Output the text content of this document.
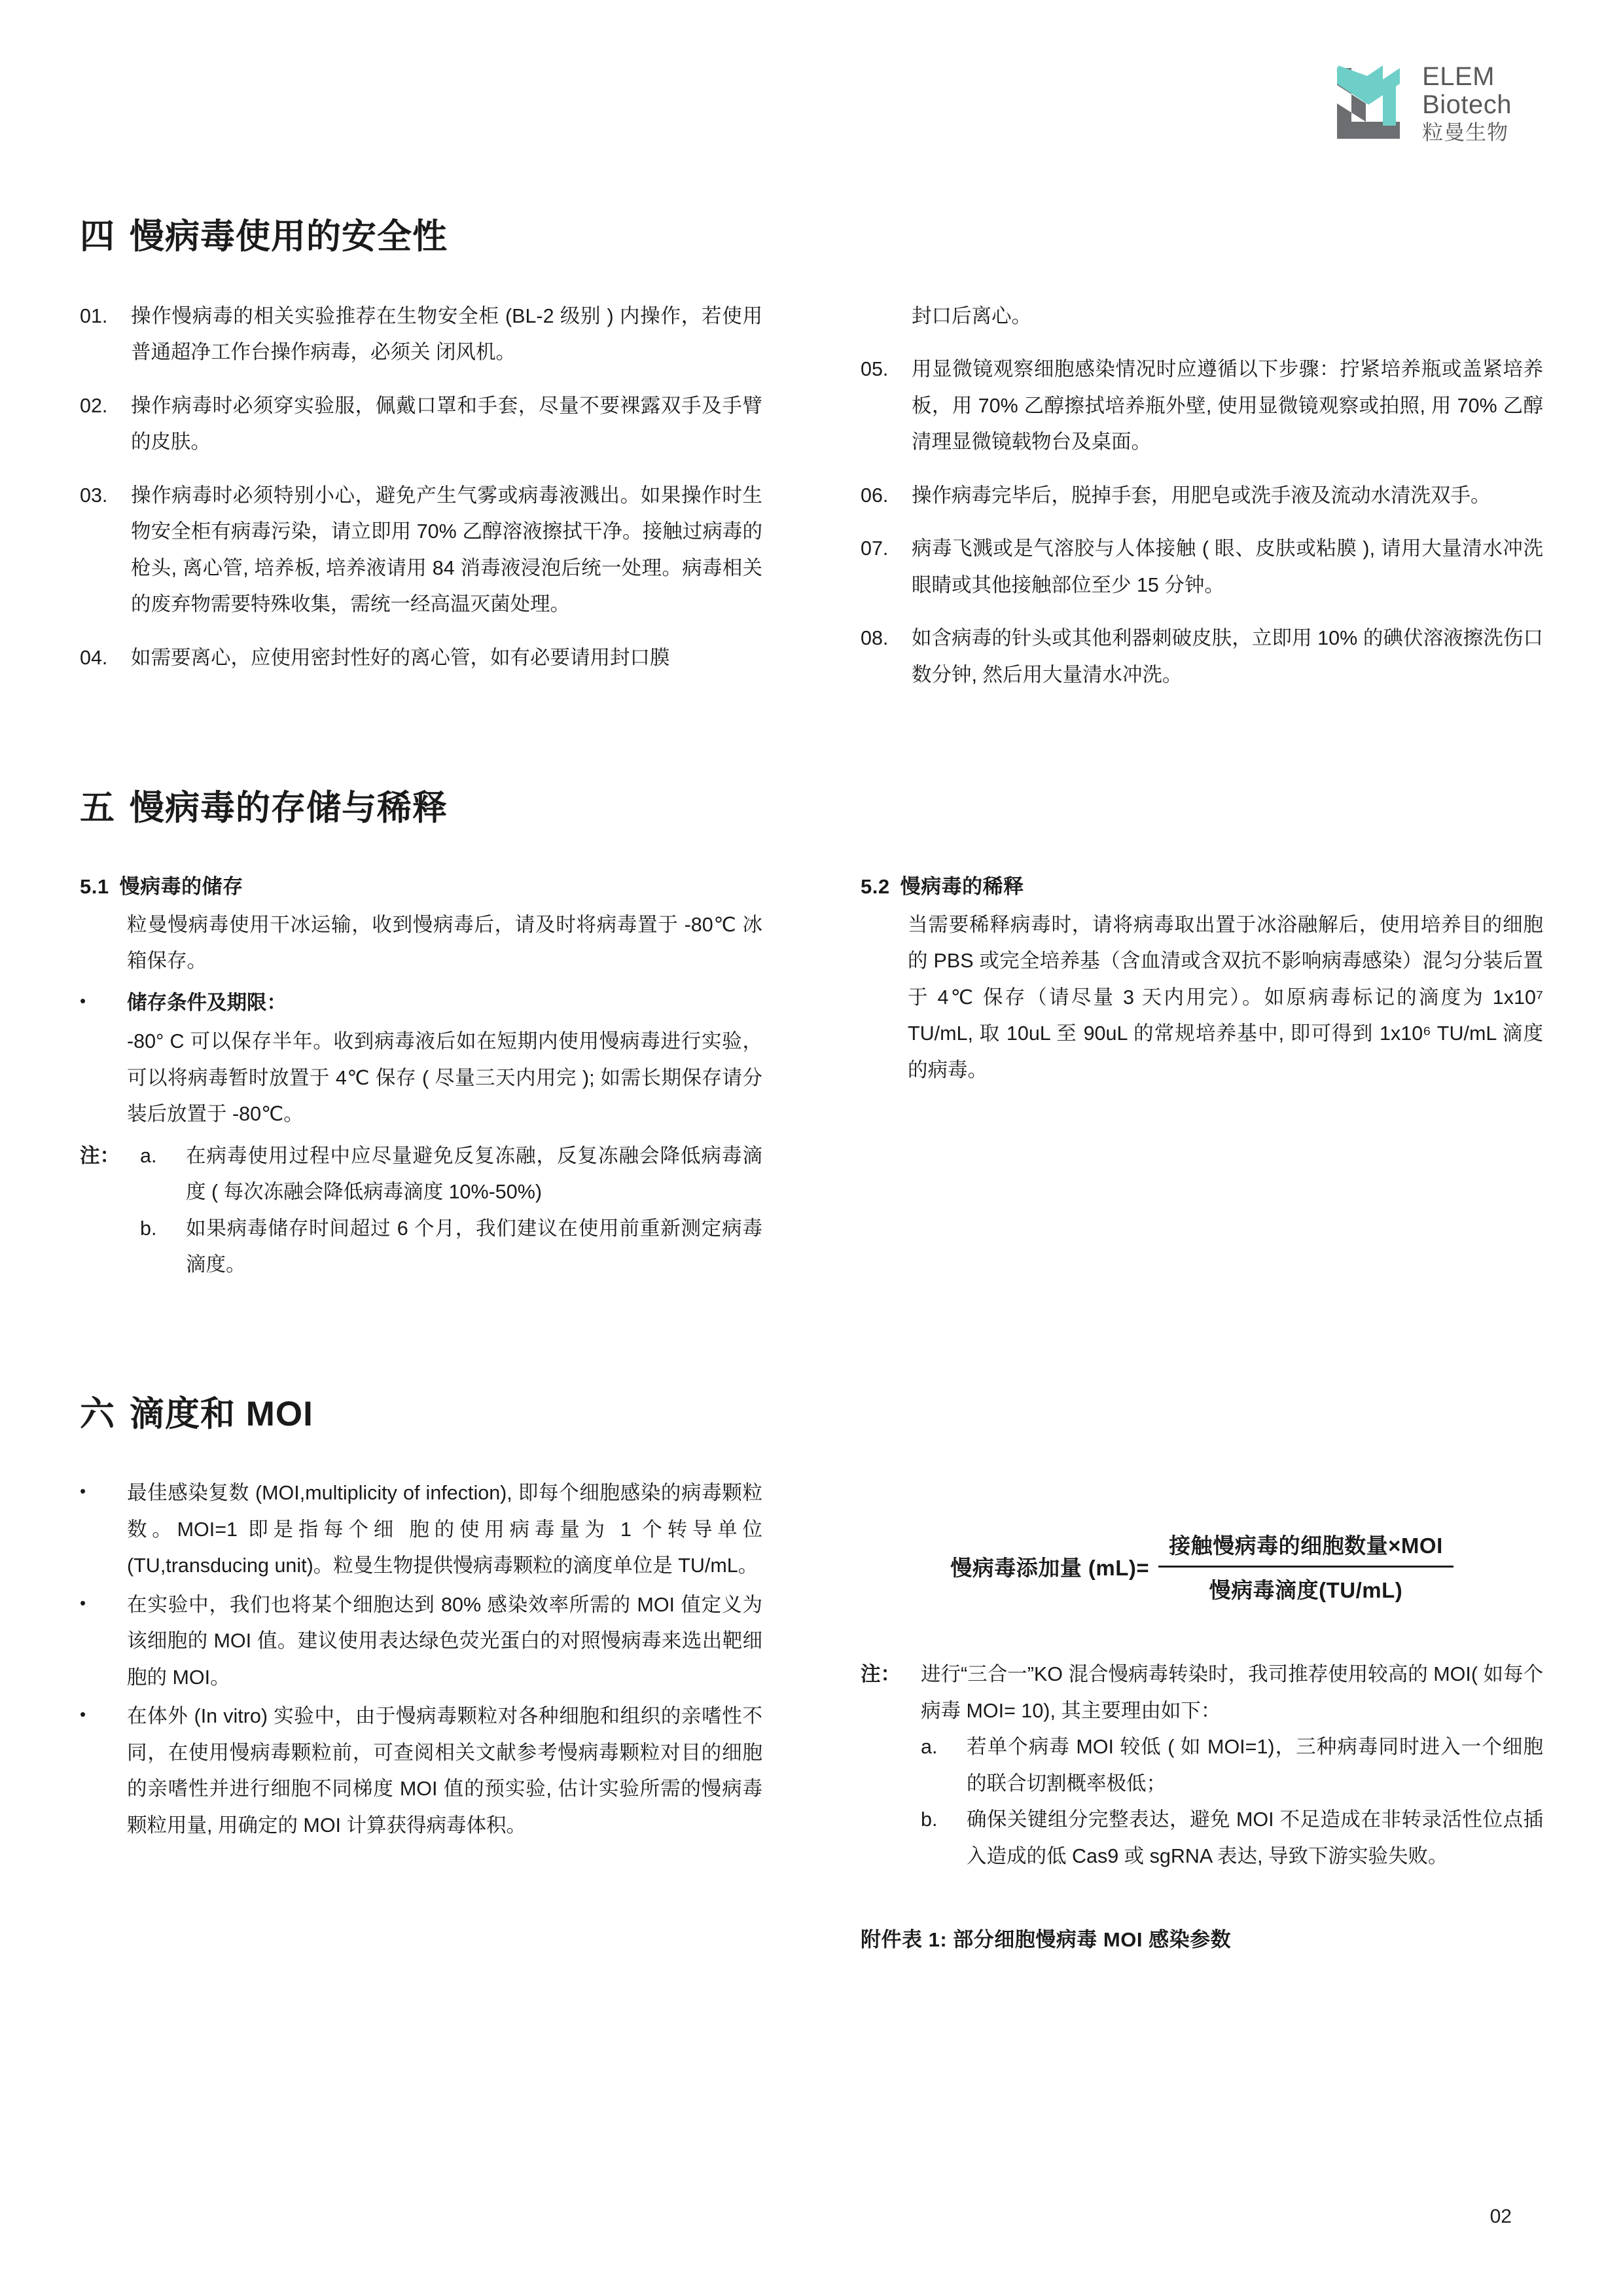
ELEM
Biotech
粒曼生物
四 慢病毒使用的安全性
01.	操作慢病毒的相关实验推荐在生物安全柜 (BL-2 级别 ) 内操作，若使用普通超净工作台操作病毒，必须关 闭风机。
02.	操作病毒时必须穿实验服，佩戴口罩和手套，尽量不要裸露双手及手臂的皮肤。
03.	操作病毒时必须特别小心，避免产生气雾或病毒液溅出。如果操作时生物安全柜有病毒污染，请立即用 70% 乙醇溶液擦拭干净。接触过病毒的枪头, 离心管, 培养板, 培养液请用 84 消毒液浸泡后统一处理。病毒相关的废弃物需要特殊收集，需统一经高温灭菌处理。
04.	如需要离心，应使用密封性好的离心管，如有必要请用封口膜
封口后离心。
05.	用显微镜观察细胞感染情况时应遵循以下步骤：拧紧培养瓶或盖紧培养板，用 70% 乙醇擦拭培养瓶外壁, 使用显微镜观察或拍照, 用 70% 乙醇清理显微镜载物台及桌面。
06.	操作病毒完毕后，脱掉手套，用肥皂或洗手液及流动水清洗双手。
07.	病毒飞溅或是气溶胶与人体接触 ( 眼、皮肤或粘膜 ), 请用大量清水冲洗眼睛或其他接触部位至少 15 分钟。
08.	如含病毒的针头或其他利器刺破皮肤，立即用 10% 的碘伏溶液擦洗伤口数分钟, 然后用大量清水冲洗。
五 慢病毒的存储与稀释
5.1 慢病毒的储存

粒曼慢病毒使用干冰运输，收到慢病毒后，请及时将病毒置于 -80℃ 冰箱保存。

•	储存条件及期限：

-80° C 可以保存半年。收到病毒液后如在短期内使用慢病毒进行实验，可以将病毒暂时放置于 4℃ 保存 ( 尽量三天内用完 ); 如需长期保存请分装后放置于 -80℃。

注：	a.	在病毒使用过程中应尽量避免反复冻融，反复冻融会降低病毒滴度 ( 每次冻融会降低病毒滴度 10%-50%)
b.	如果病毒储存时间超过 6 个月，我们建议在使用前重新测定病毒滴度。
5.2 慢病毒的稀释

当需要稀释病毒时，请将病毒取出置于冰浴融解后，使用培养目的细胞的 PBS 或完全培养基（含血清或含双抗不影响病毒感染）混匀分装后置于 4℃ 保存（请尽量 3 天内用完）。如原病毒标记的滴度为 1x10⁷ TU/mL, 取 10uL 至 90uL 的常规培养基中, 即可得到 1x10⁶ TU/mL 滴度的病毒。

六 滴度和 MOI
•	最佳感染复数 (MOI,multiplicity of infection), 即每个细胞感染的病毒颗粒数。MOI=1 即是指每个细 胞的使用病毒量为 1 个转导单位 (TU,transducing unit)。粒曼生物提供慢病毒颗粒的滴度单位是 TU/mL。
•	在实验中，我们也将某个细胞达到 80% 感染效率所需的 MOI 值定义为该细胞的 MOI 值。建议使用表达绿色荧光蛋白的对照慢病毒来选出靶细胞的 MOI。
•	在体外 (In vitro) 实验中，由于慢病毒颗粒对各种细胞和组织的亲嗜性不同，在使用慢病毒颗粒前，可查阅相关文献参考慢病毒颗粒对目的细胞的亲嗜性并进行细胞不同梯度 MOI 值的预实验, 估计实验所需的慢病毒颗粒用量, 用确定的 MOI 计算获得病毒体积。
慢病毒添加量 $(mL)= \frac{\text{接触慢病毒的细胞数量×MOI}}{\text{慢病毒滴度(TU/mL)}}$
注：	进行“三合一”KO 混合慢病毒转染时，我司推荐使用较高的 MOI( 如每个病毒 MOI= 10), 其主要理由如下：
a.	若单个病毒 MOI 较低 ( 如 MOI=1)，三种病毒同时进入一个细胞的联合切割概率极低；
b.	确保关键组分完整表达，避免 MOI 不足造成在非转录活性位点插入造成的低 Cas9 或 sgRNA 表达, 导致下游实验失败。
附件表 1: 部分细胞慢病毒 MOI 感染参数
02
